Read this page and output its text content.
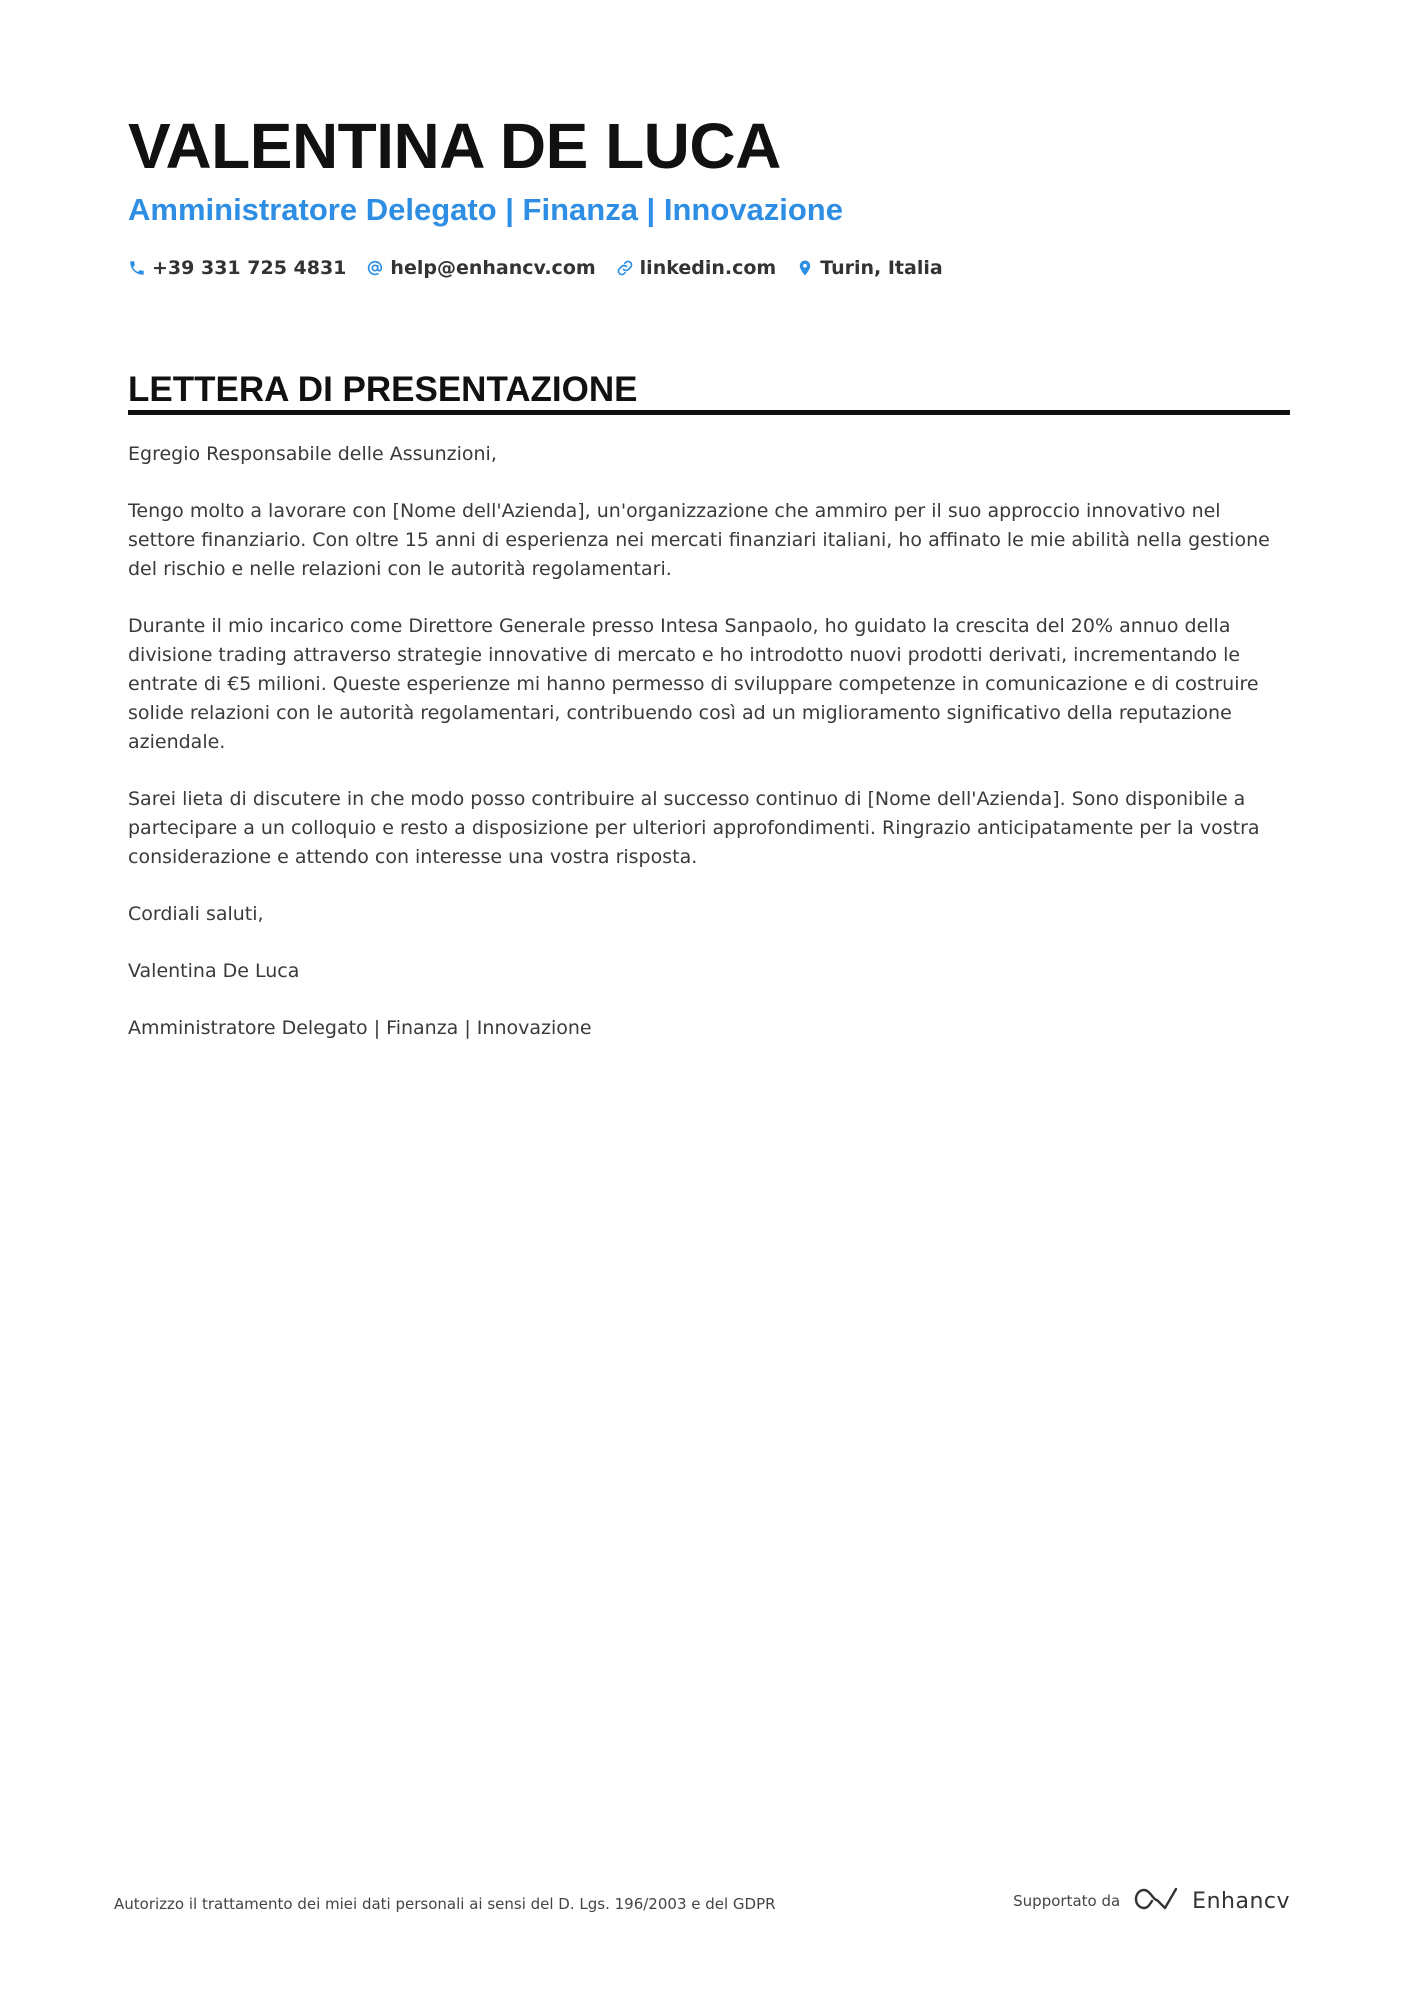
VALENTINA DE LUCA
Amministratore Delegato | Finanza | Innovazione
+39 331 725 4831 help@enhancv.com linkedin.com Turin, Italia
LETTERA DI PRESENTAZIONE

Egregio Responsabile delle Assunzioni,

Tengo molto a lavorare con [Nome dell'Azienda], un'organizzazione che ammiro per il suo approccio innovativo nel settore finanziario. Con oltre 15 anni di esperienza nei mercati finanziari italiani, ho affinato le mie abilità nella gestione del rischio e nelle relazioni con le autorità regolamentari.

Durante il mio incarico come Direttore Generale presso Intesa Sanpaolo, ho guidato la crescita del 20% annuo della divisione trading attraverso strategie innovative di mercato e ho introdotto nuovi prodotti derivati, incrementando le entrate di €5 milioni. Queste esperienze mi hanno permesso di sviluppare competenze in comunicazione e di costruire solide relazioni con le autorità regolamentari, contribuendo così ad un miglioramento significativo della reputazione aziendale.

Sarei lieta di discutere in che modo posso contribuire al successo continuo di [Nome dell'Azienda]. Sono disponibile a partecipare a un colloquio e resto a disposizione per ulteriori approfondimenti. Ringrazio anticipatamente per la vostra considerazione e attendo con interesse una vostra risposta.

Cordiali saluti,

Valentina De Luca

Amministratore Delegato | Finanza | Innovazione

Autorizzo il trattamento dei miei dati personali ai sensi del D. Lgs. 196/2003 e del GDPR	Supportato da	Enhancv
